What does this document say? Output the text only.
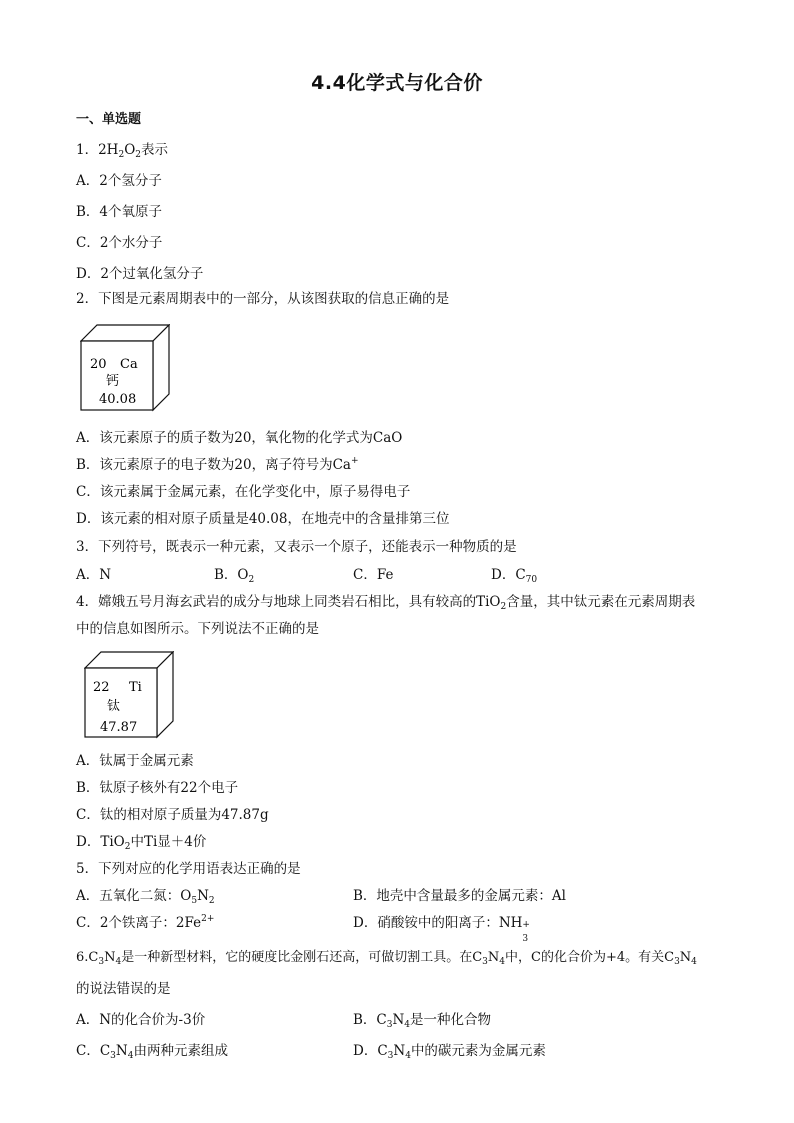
4.4化学式与化合价
一、单选题
1．$2H_2O_2$表示
A．2个氢分子
B．4个氧原子
C．2个水分子
D．2个过氧化氢分子
2．下图是元素周期表中的一部分，从该图获取的信息正确的是
20 Ca
钙
40.08
A．该元素原子的质子数为20，氧化物的化学式为CaO
B．该元素原子的电子数为20，离子符号为Ca+
C．该元素属于金属元素，在化学变化中，原子易得电子
D．该元素的相对原子质量是40.08，在地壳中的含量排第三位
3．下列符号，既表示一种元素，又表示一个原子，还能表示一种物质的是
A．N	B．$O_2$	C．Fe	D．$C_{70}$
4．嫦娥五号月海玄武岩的成分与地球上同类岩石相比，具有较高的TiO$_2$含量，其中钛元素在元素周期表
中的信息如图所示。下列说法不正确的是
22 Ti
钛
47.87
A．钛属于金属元素
B．钛原子核外有22个电子
C．钛的相对原子质量为47.87g
D．TiO$_2$中Ti显＋4价
5．下列对应的化学用语表达正确的是
A．五氧化二氮：$O_5N_2$	B．地壳中含量最多的金属元素：Al
C．2个铁离子：$2Fe^{2+}$	D．硝酸铵中的阳离子：NH +
3
$6.C_3N_4$是一种新型材料，它的硬度比金刚石还高，可做切割工具。在$C_3N_4$中，C的化合价为+4。有关$C_3N_4$
的说法错误的是
A．N的化合价为-3价	B．$C_3N_4$是一种化合物
C．$C_3N_4$由两种元素组成	D．$C_3N_4$中的碳元素为金属元素
